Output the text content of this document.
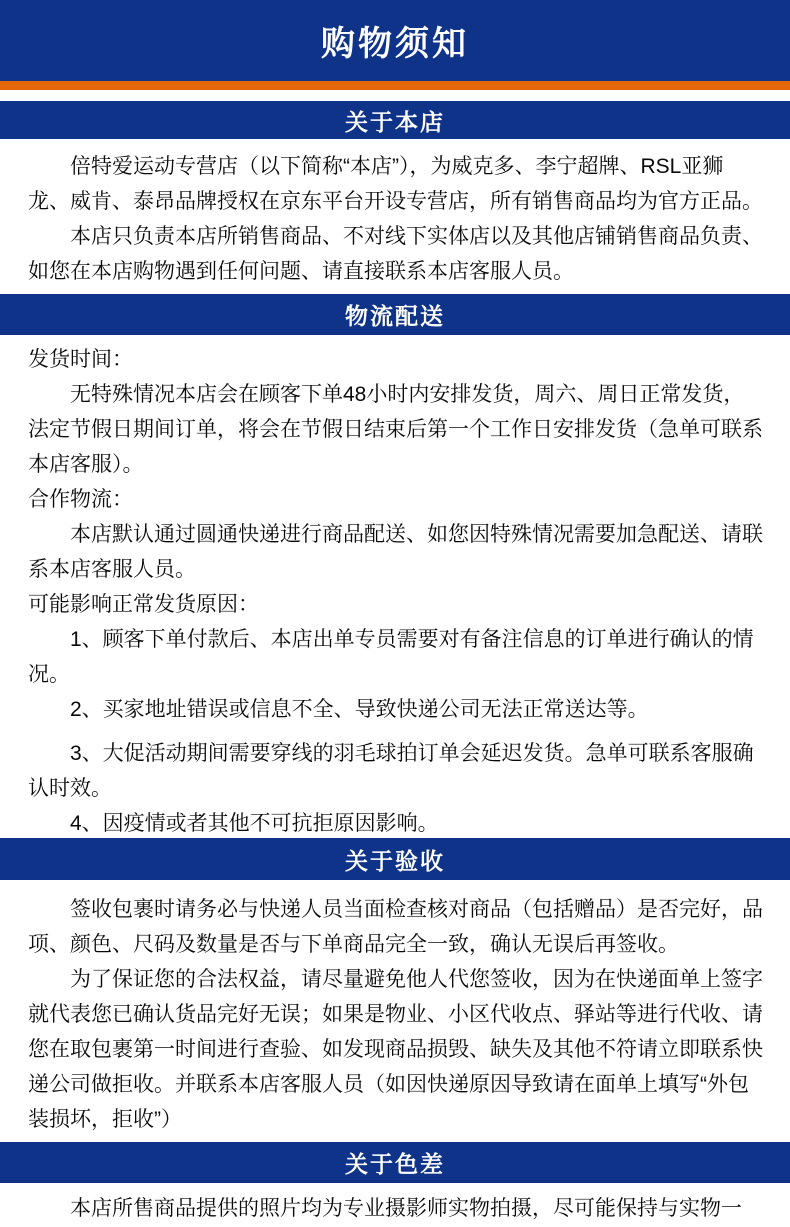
购物须知
关于本店

倍特爱运动专营店（以下简称“本店”），为威克多、李宁超牌、RSL亚狮龙、威肯、泰昂品牌授权在京东平台开设专营店，所有销售商品均为官方正品。

本店只负责本店所销售商品、不对线下实体店以及其他店铺销售商品负责、如您在本店购物遇到任何问题、请直接联系本店客服人员。

物流配送

发货时间：

无特殊情况本店会在顾客下单48小时内安排发货，周六、周日正常发货，法定节假日期间订单，将会在节假日结束后第一个工作日安排发货（急单可联系本店客服）。

合作物流：

本店默认通过圆通快递进行商品配送、如您因特殊情况需要加急配送、请联系本店客服人员。

可能影响正常发货原因：

1、顾客下单付款后、本店出单专员需要对有备注信息的订单进行确认的情况。

2、买家地址错误或信息不全、导致快递公司无法正常送达等。

3、大促活动期间需要穿线的羽毛球拍订单会延迟发货。急单可联系客服确认时效。

4、因疫情或者其他不可抗拒原因影响。

关于验收

签收包裹时请务必与快递人员当面检查核对商品（包括赠品）是否完好，品项、颜色、尺码及数量是否与下单商品完全一致，确认无误后再签收。

为了保证您的合法权益，请尽量避免他人代您签收，因为在快递面单上签字就代表您已确认货品完好无误；如果是物业、小区代收点、驿站等进行代收、请您在取包裹第一时间进行查验、如发现商品损毁、缺失及其他不符请立即联系快递公司做拒收。并联系本店客服人员（如因快递原因导致请在面单上填写“外包装损坏，拒收”）

关于色差

本店所售商品提供的照片均为专业摄影师实物拍摄，尽可能保持与实物一
